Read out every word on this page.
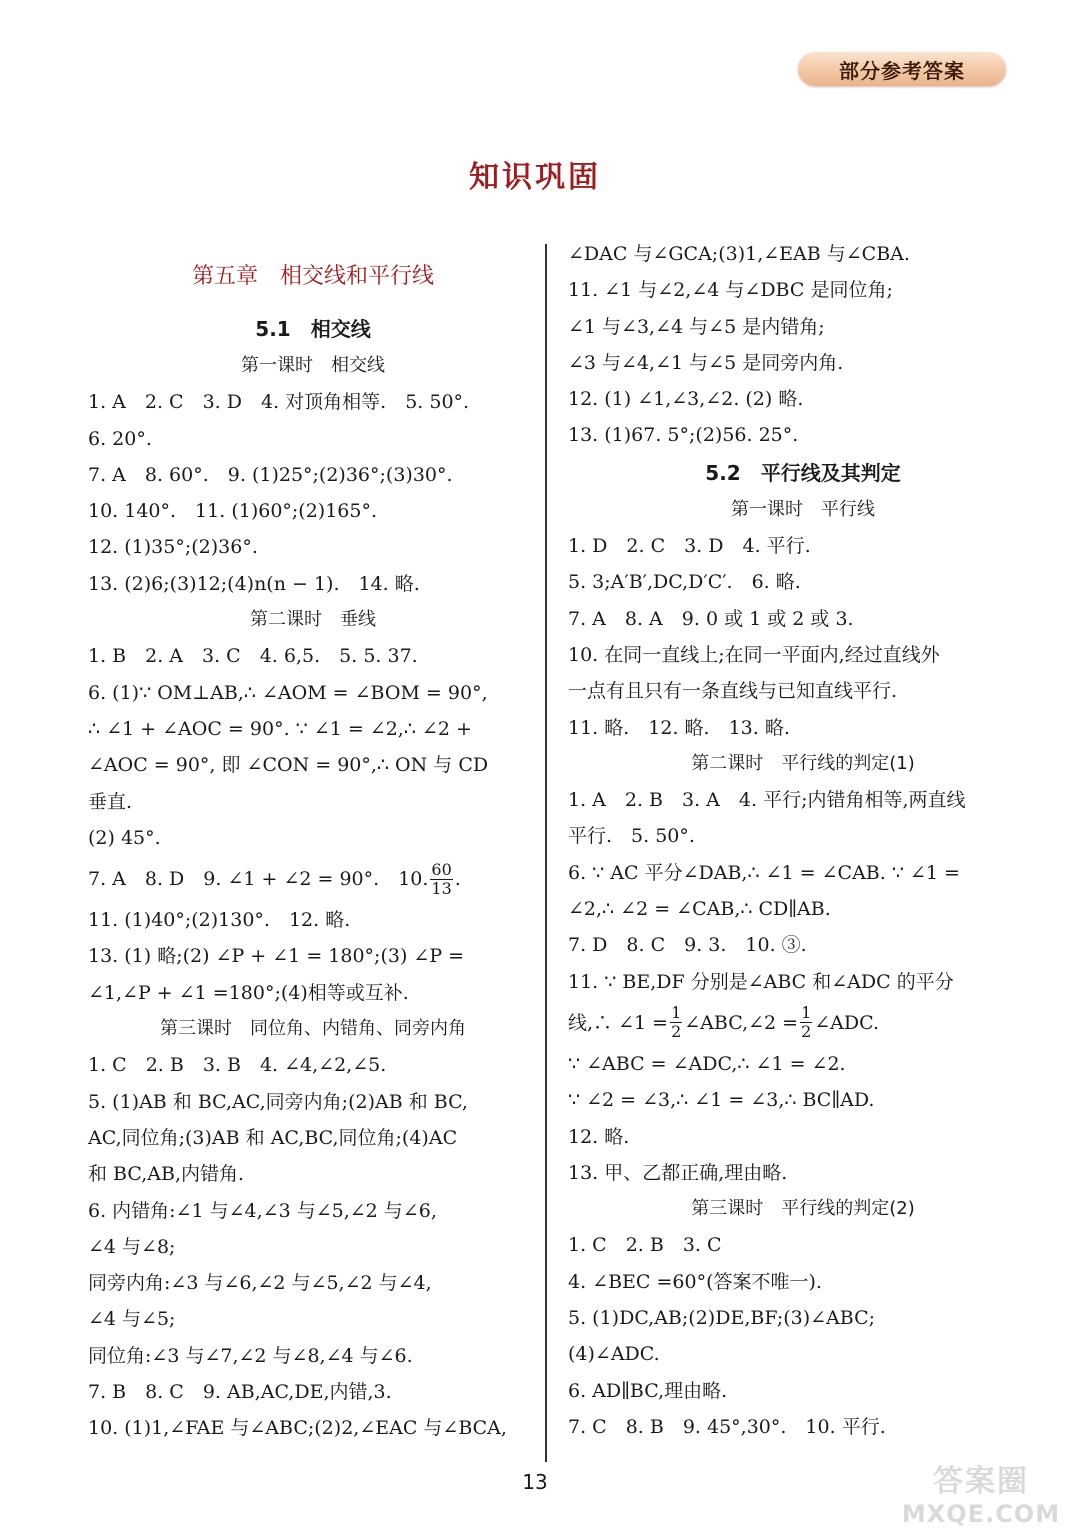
部分参考答案
知识巩固
第五章　相交线和平行线
5.1　相交线
第一课时　相交线
1. A　2. C　3. D　4. 对顶角相等.　5. 50°.
6. 20°.
7. A　8. 60°.　9. (1)25°;(2)36°;(3)30°.
10. 140°.　11. (1)60°;(2)165°.
12. (1)35°;(2)36°.
13. (2)6;(3)12;(4)n(n − 1).　14. 略.
第二课时　垂线
1. B　2. A　3. C　4. 6,5.　5. 5. 37.
6. (1)∵ OM⊥AB,∴ ∠AOM = ∠BOM = 90°,
∴ ∠1 + ∠AOC = 90°. ∵ ∠1 = ∠2,∴ ∠2 +
∠AOC = 90°, 即 ∠CON = 90°,∴ ON 与 CD
垂直.
(2) 45°.
7. A　8. D　9. ∠1 + ∠2 = 90°.　10. $\frac{60}{13}$ .
11. (1)40°;(2)130°.　12. 略.
13. (1) 略;(2) ∠P + ∠1 = 180°;(3) ∠P =
∠1,∠P + ∠1 =180°;(4)相等或互补.
第三课时　同位角、内错角、同旁内角
1. C　2. B　3. B　4. ∠4,∠2,∠5.
5. (1)AB 和 BC,AC,同旁内角;(2)AB 和 BC,
AC,同位角;(3)AB 和 AC,BC,同位角;(4)AC
和 BC,AB,内错角.
6. 内错角:∠1 与∠4,∠3 与∠5,∠2 与∠6,
∠4 与∠8;
同旁内角:∠3 与∠6,∠2 与∠5,∠2 与∠4,
∠4 与∠5;
同位角:∠3 与∠7,∠2 与∠8,∠4 与∠6.
7. B　8. C　9. AB,AC,DE,内错,3.
10. (1)1,∠FAE 与∠ABC;(2)2,∠EAC 与∠BCA,
∠DAC 与∠GCA;(3)1,∠EAB 与∠CBA.
11. ∠1 与∠2,∠4 与∠DBC 是同位角;
∠1 与∠3,∠4 与∠5 是内错角;
∠3 与∠4,∠1 与∠5 是同旁内角.
12. (1) ∠1,∠3,∠2. (2) 略.
13. (1)67. 5°;(2)56. 25°.
5.2　平行线及其判定
第一课时　平行线
1. D　2. C　3. D　4. 平行.
5. 3;A′B′,DC,D′C′.　6. 略.
7. A　8. A　9. 0 或 1 或 2 或 3.
10. 在同一直线上;在同一平面内,经过直线外
一点有且只有一条直线与已知直线平行.
11. 略.　12. 略.　13. 略.
第二课时　平行线的判定(1)
1. A　2. B　3. A　4. 平行;内错角相等,两直线
平行.　5. 50°.
6. ∵ AC 平分∠DAB,∴ ∠1 = ∠CAB. ∵ ∠1 =
∠2,∴ ∠2 = ∠CAB,∴ CD∥AB.
7. D　8. C　9. 3.　10. ③.
11. ∵ BE,DF 分别是∠ABC 和∠ADC 的平分
线,∴ ∠1 = $\frac{1}{2}$ ∠ABC,∠2 = $\frac{1}{2}$ ∠ADC.
∵ ∠ABC = ∠ADC,∴ ∠1 = ∠2.
∵ ∠2 = ∠3,∴ ∠1 = ∠3,∴ BC∥AD.
12. 略.
13. 甲、乙都正确,理由略.
第三课时　平行线的判定(2)
1. C　2. B　3. C
4. ∠BEC =60°(答案不唯一).
5. (1)DC,AB;(2)DE,BF;(3)∠ABC;
(4)∠ADC.
6. AD∥BC,理由略.
7. C　8. B　9. 45°,30°.　10. 平行.
13	答案圈
MXQE.COM
